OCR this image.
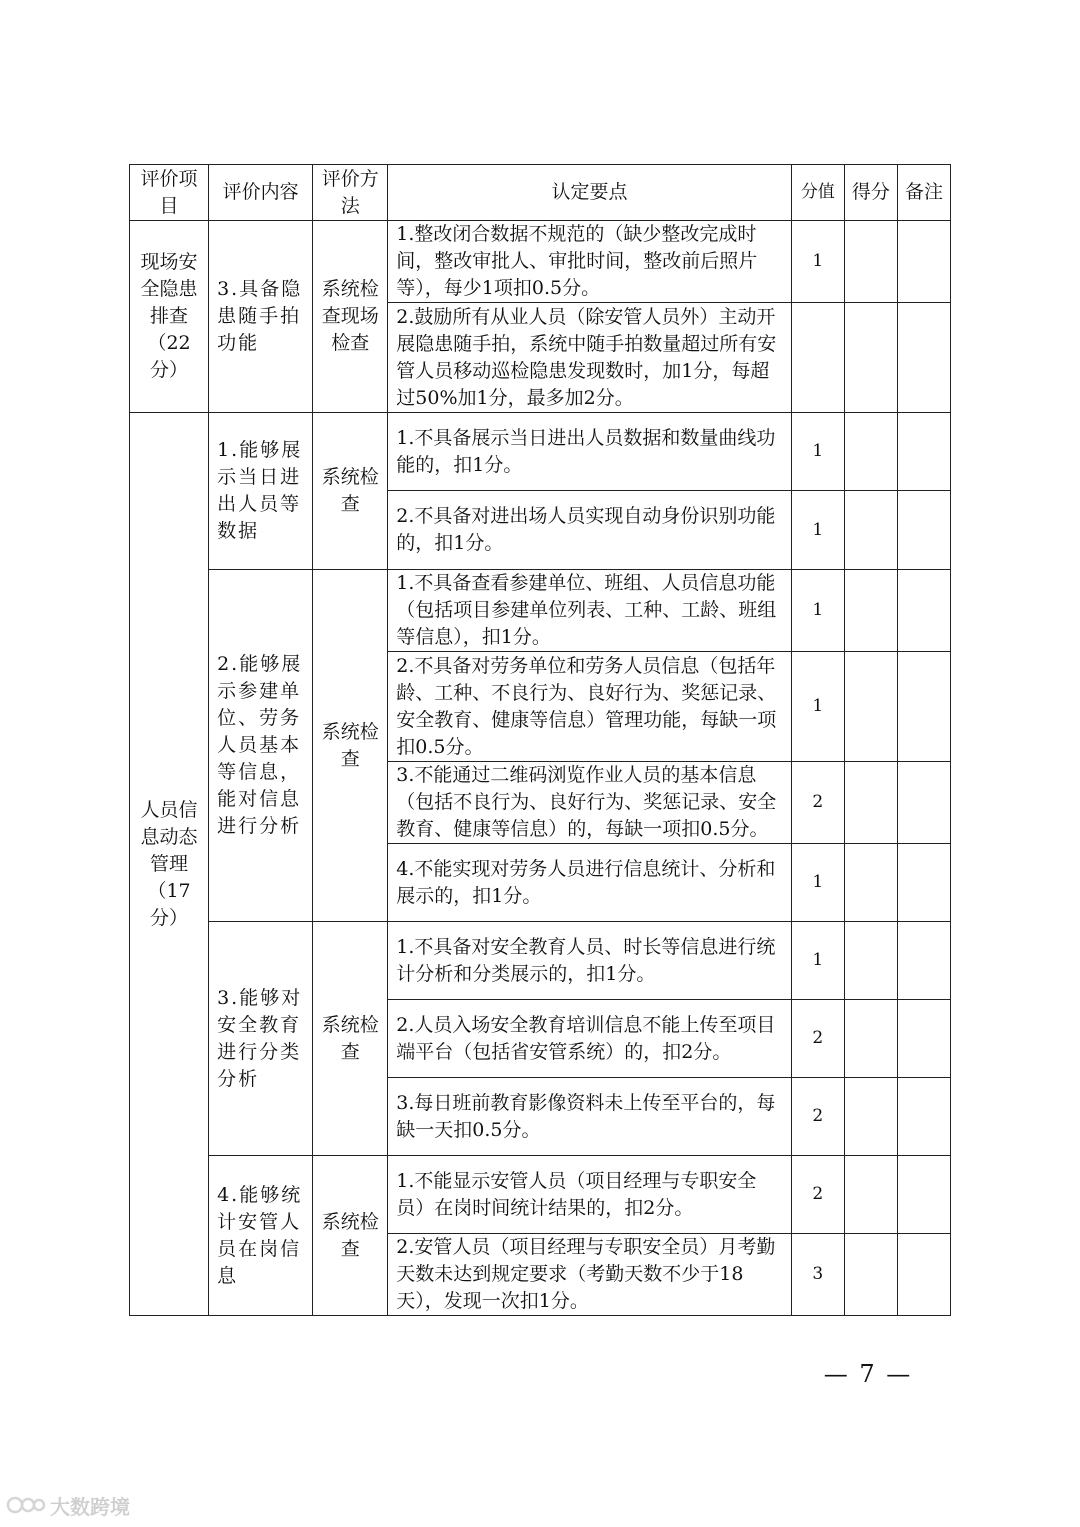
评价项目	评价内容	评价方法	认定要点	分值	得分	备注
现场安全隐患排查（22分）	3.具备隐患随手拍功能	系统检查现场检查	1.整改闭合数据不规范的（缺少整改完成时间，整改审批人、审批时间，整改前后照片等），每少1项扣0.5分。	1		
			2.鼓励所有从业人员（除安管人员外）主动开展隐患随手拍，系统中随手拍数量超过所有安管人员移动巡检隐患发现数时，加1分，每超过50%加1分，最多加2分。			
人员信息动态管理（17分）	1.能够展示当日进出人员等数据	系统检查	1.不具备展示当日进出人员数据和数量曲线功能的，扣1分。	1		
			2.不具备对进出场人员实现自动身份识别功能的，扣1分。	1		
	2.能够展示参建单位、劳务人员基本等信息，能对信息进行分析	系统检查	1.不具备查看参建单位、班组、人员信息功能（包括项目参建单位列表、工种、工龄、班组等信息），扣1分。	1		
			2.不具备对劳务单位和劳务人员信息（包括年龄、工种、不良行为、良好行为、奖惩记录、安全教育、健康等信息）管理功能，每缺一项扣0.5分。	1		
			3.不能通过二维码浏览作业人员的基本信息（包括不良行为、良好行为、奖惩记录、安全教育、健康等信息）的，每缺一项扣0.5分。	2		
			4.不能实现对劳务人员进行信息统计、分析和展示的，扣1分。	1		
	3.能够对安全教育进行分类分析	系统检查	1.不具备对安全教育人员、时长等信息进行统计分析和分类展示的，扣1分。	1		
			2.人员入场安全教育培训信息不能上传至项目端平台（包括省安管系统）的，扣2分。	2		
			3.每日班前教育影像资料未上传至平台的，每缺一天扣0.5分。	2		
	4.能够统计安管人员在岗信息	系统检查	1.不能显示安管人员（项目经理与专职安全员）在岗时间统计结果的，扣2分。	2		
			2.安管人员（项目经理与专职安全员）月考勤天数未达到规定要求（考勤天数不少于18天），发现一次扣1分。	3		
— 7 —
大数跨境
